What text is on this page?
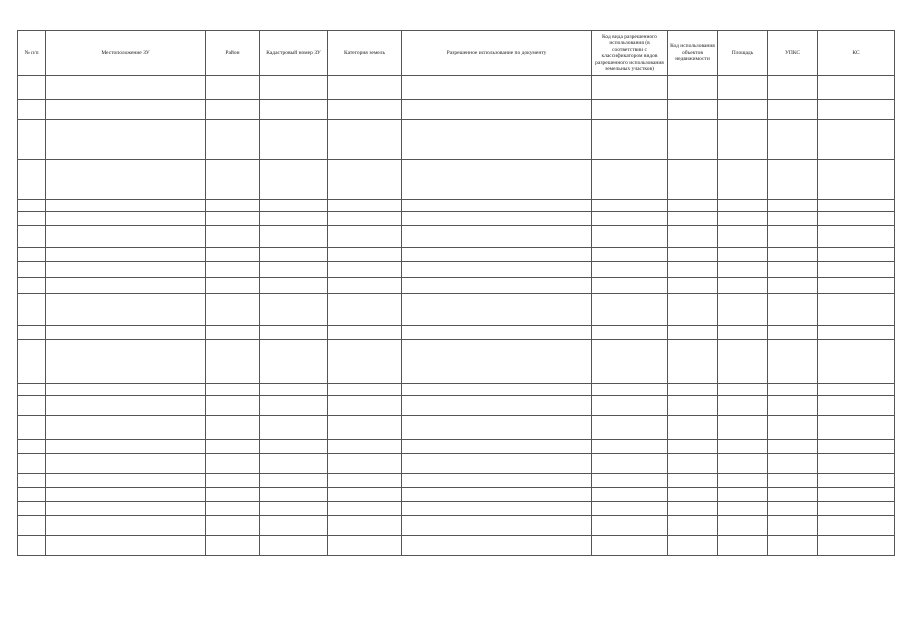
№ п/п	Местоположение ЗУ	Район	Кадастровый номер ЗУ	Категория земель	Разрешенное использование по документу	Код вида разрешенного использования (в соответствии с классификатором видов разрешенного использования земельных участков)	Код использования объектов недвижимости	Площадь	УПКС	КС
